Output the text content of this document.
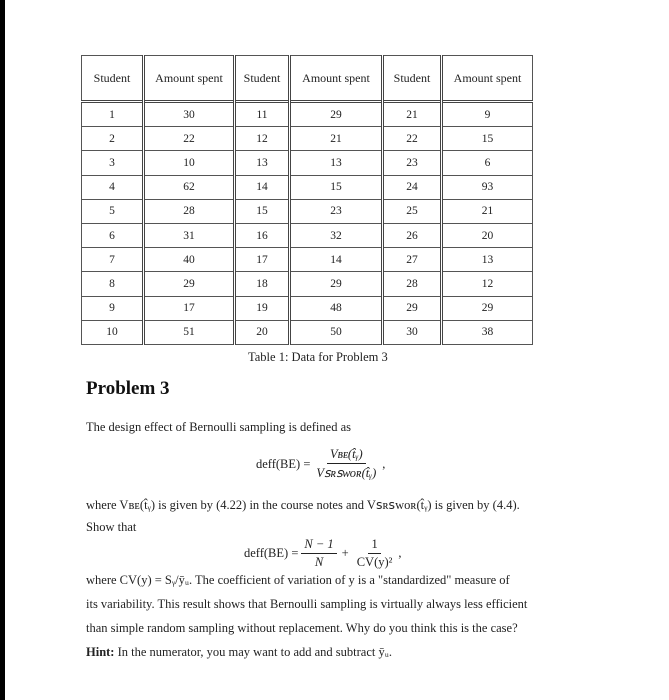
Student	Amount spent	Student	Amount spent	Student	Amount spent
1	30	11	29	21	9
2	22	12	21	22	15
3	10	13	13	23	6
4	62	14	15	24	93
5	28	15	23	25	21
6	31	16	32	26	20
7	40	17	14	27	13
8	29	18	29	28	12
9	17	19	48	29	29
10	51	20	50	30	38
Table 1: Data for Problem 3
Problem 3
The design effect of Bernoulli sampling is defined as
deff(BE) = $\frac{\text{Vʙᴇ(t̂ᵧ)}}{\text{Vꜱʀꜱᴡᴏʀ(t̂ᵧ)}}$ ,
where Vʙᴇ(t̂ᵧ) is given by (4.22) in the course notes and Vꜱʀꜱᴡᴏʀ(t̂ᵧ) is given by (4.4).
Show that
deff(BE) = $\frac{N - 1}{N} + \frac{1}{\text{CV(y)²}}$ ,
where CV(y) = Sᵧ/ȳᵤ. The coefficient of variation of y is a "standardized" measure of
its variability. This result shows that Bernoulli sampling is virtually always less efficient
than simple random sampling without replacement. Why do you think this is the case?
Hint: In the numerator, you may want to add and subtract ȳᵤ.
